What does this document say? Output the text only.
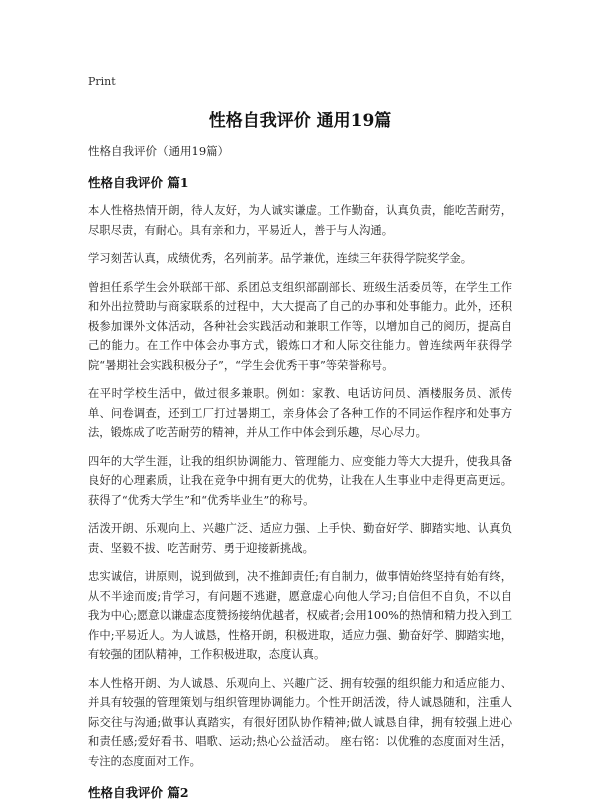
Print
性格自我评价 通用19篇
性格自我评价（通用19篇）
性格自我评价 篇1

本人性格热情开朗，待人友好，为人诚实谦虚。工作勤奋，认真负责，能吃苦耐劳，尽职尽责，有耐心。具有亲和力，平易近人，善于与人沟通。

学习刻苦认真，成绩优秀，名列前茅。品学兼优，连续三年获得学院奖学金。

曾担任系学生会外联部干部、系团总支组织部副部长、班级生活委员等，在学生工作和外出拉赞助与商家联系的过程中，大大提高了自己的办事和处事能力。此外，还积极参加课外文体活动，各种社会实践活动和兼职工作等，以增加自己的阅历，提高自己的能力。在工作中体会办事方式，锻炼口才和人际交往能力。曾连续两年获得学院“暑期社会实践积极分子”，“学生会优秀干事”等荣誉称号。

在平时学校生活中，做过很多兼职。例如：家教、电话访问员、酒楼服务员、派传单、问卷调查，还到工厂打过暑期工，亲身体会了各种工作的不同运作程序和处事方法，锻炼成了吃苦耐劳的精神，并从工作中体会到乐趣，尽心尽力。

四年的大学生涯，让我的组织协调能力、管理能力、应变能力等大大提升，使我具备良好的心理素质，让我在竞争中拥有更大的优势，让我在人生事业中走得更高更远。获得了“优秀大学生”和“优秀毕业生”的称号。

活泼开朗、乐观向上、兴趣广泛、适应力强、上手快、勤奋好学、脚踏实地、认真负责、坚毅不拔、吃苦耐劳、勇于迎接新挑战。

忠实诚信，讲原则，说到做到，决不推卸责任;有自制力，做事情始终坚持有始有终，从不半途而废;肯学习，有问题不逃避，愿意虚心向他人学习;自信但不自负，不以自我为中心;愿意以谦虚态度赞扬接纳优越者，权威者;会用100%的热情和精力投入到工作中;平易近人。为人诚恳，性格开朗，积极进取，适应力强、勤奋好学、脚踏实地，有较强的团队精神，工作积极进取，态度认真。

本人性格开朗、为人诚恳、乐观向上、兴趣广泛、拥有较强的组织能力和适应能力、并具有较强的管理策划与组织管理协调能力。个性开朗活泼，待人诚恳随和，注重人际交往与沟通;做事认真踏实，有很好团队协作精神;做人诚恳自律，拥有较强上进心和责任感;爱好看书、唱歌、运动;热心公益活动。 座右铭：以优雅的态度面对生活，专注的态度面对工作。

性格自我评价 篇2
